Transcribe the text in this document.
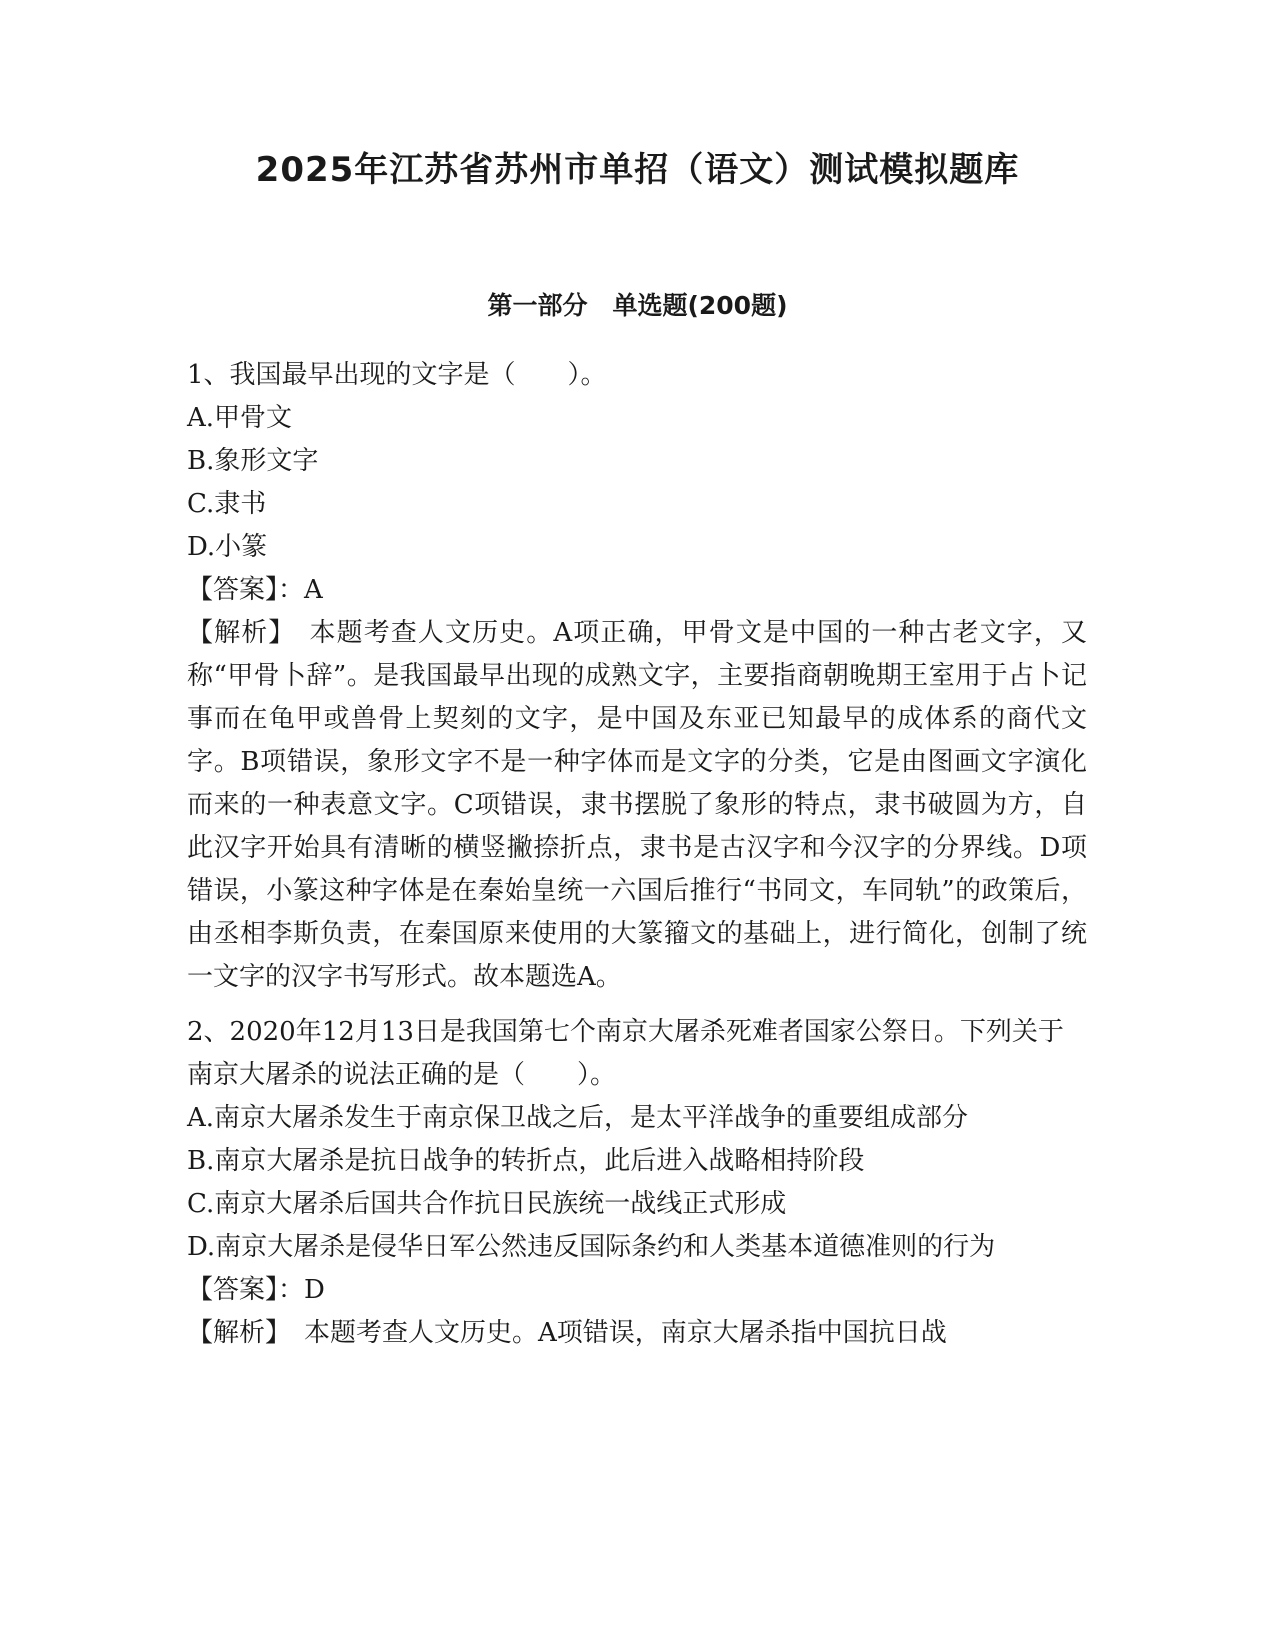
2025年江苏省苏州市单招（语文）测试模拟题库
第一部分　单选题(200题)

1、我国最早出现的文字是（　　）。

A.甲骨文

B.象形文字

C.隶书

D.小篆

【答案】：A

【解析】　本题考查人文历史。A项正确，甲骨文是中国的一种古老文字，又称“甲骨卜辞”。是我国最早出现的成熟文字，主要指商朝晚期王室用于占卜记事而在龟甲或兽骨上契刻的文字，是中国及东亚已知最早的成体系的商代文字。B项错误，象形文字不是一种字体而是文字的分类，它是由图画文字演化而来的一种表意文字。C项错误，隶书摆脱了象形的特点，隶书破圆为方，自此汉字开始具有清晰的横竖撇捺折点，隶书是古汉字和今汉字的分界线。D项错误，小篆这种字体是在秦始皇统一六国后推行“书同文，车同轨”的政策后，由丞相李斯负责，在秦国原来使用的大篆籀文的基础上，进行简化，创制了统一文字的汉字书写形式。故本题选A。

2、2020年12月13日是我国第七个南京大屠杀死难者国家公祭日。下列关于南京大屠杀的说法正确的是（　　）。

A.南京大屠杀发生于南京保卫战之后，是太平洋战争的重要组成部分

B.南京大屠杀是抗日战争的转折点，此后进入战略相持阶段

C.南京大屠杀后国共合作抗日民族统一战线正式形成

D.南京大屠杀是侵华日军公然违反国际条约和人类基本道德准则的行为

【答案】：D

【解析】　本题考查人文历史。A项错误，南京大屠杀指中国抗日战
